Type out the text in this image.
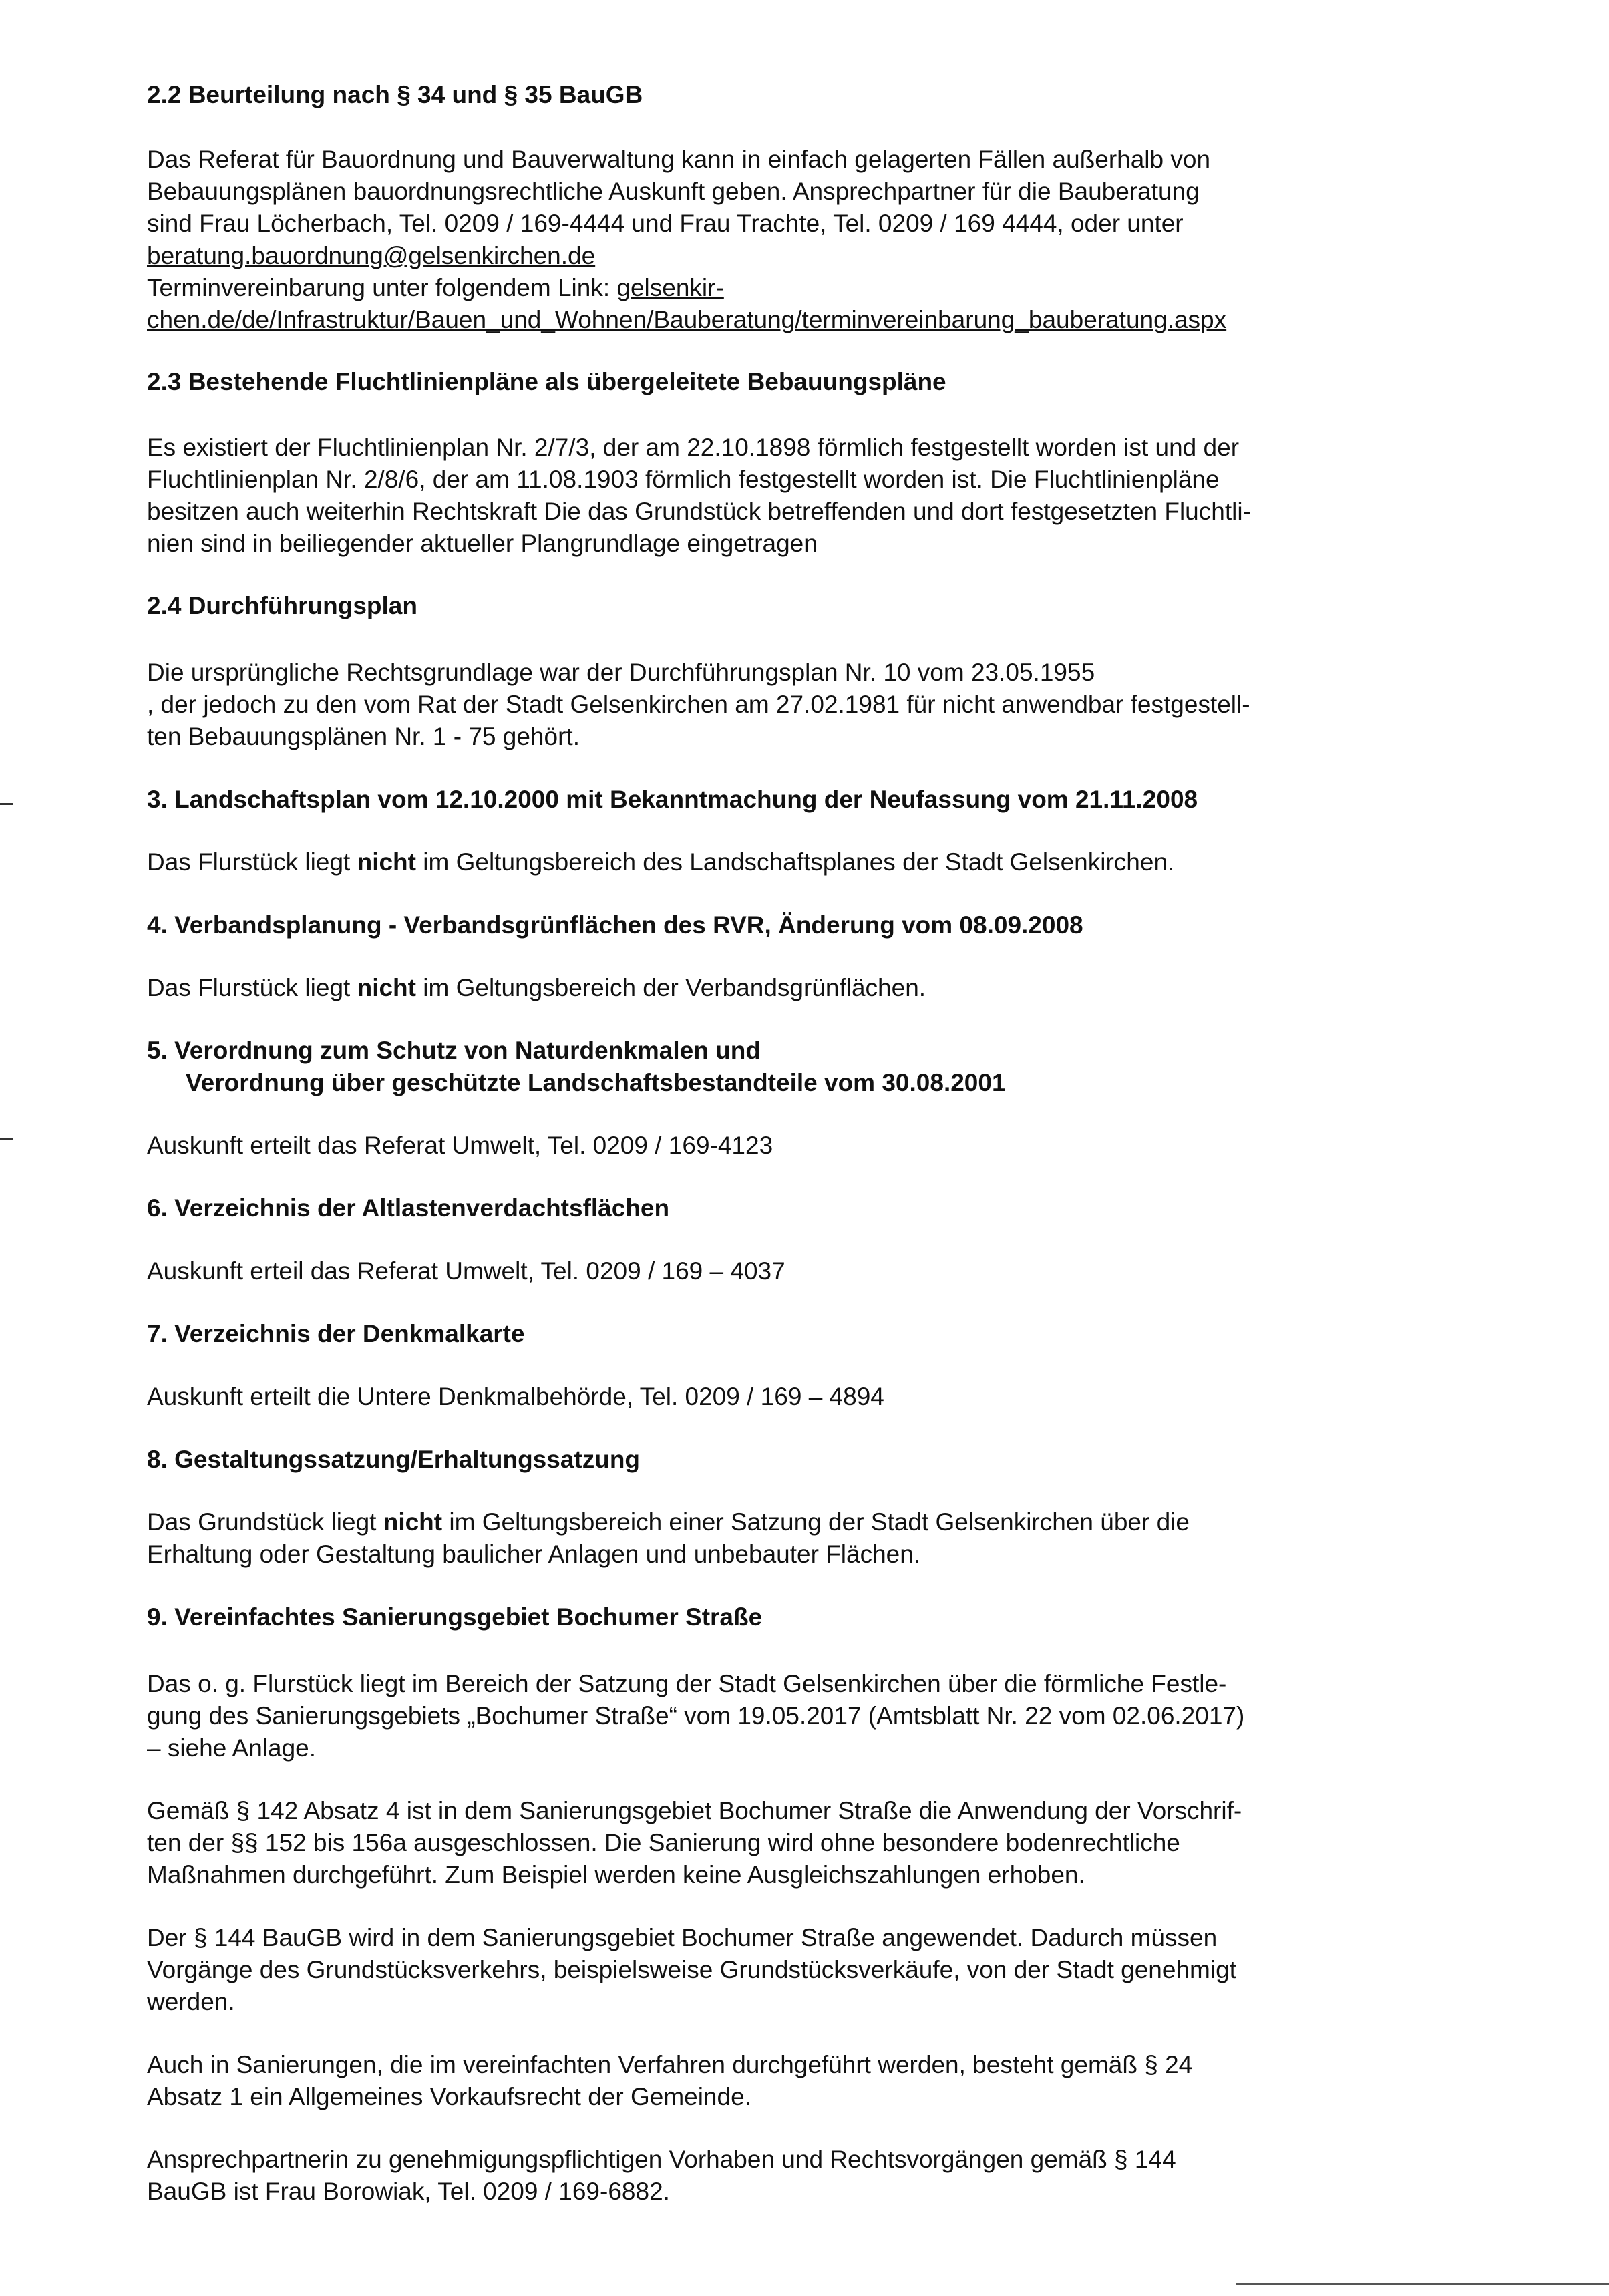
2.2 Beurteilung nach § 34 und § 35 BauGB

Das Referat für Bauordnung und Bauverwaltung kann in einfach gelagerten Fällen außerhalb von

Bebauungsplänen bauordnungsrechtliche Auskunft geben. Ansprechpartner für die Bauberatung

sind Frau Löcherbach, Tel. 0209 / 169-4444 und Frau Trachte, Tel. 0209 / 169 4444, oder unter

beratung.bauordnung@gelsenkirchen.de

Terminvereinbarung unter folgendem Link: gelsenkir-

chen.de/de/Infrastruktur/Bauen_und_Wohnen/Bauberatung/terminvereinbarung_bauberatung.aspx

2.3 Bestehende Fluchtlinienpläne als übergeleitete Bebauungspläne

Es existiert der Fluchtlinienplan Nr. 2/7/3, der am 22.10.1898 förmlich festgestellt worden ist und der

Fluchtlinienplan Nr. 2/8/6, der am 11.08.1903 förmlich festgestellt worden ist. Die Fluchtlinienpläne

besitzen auch weiterhin Rechtskraft Die das Grundstück betreffenden und dort festgesetzten Fluchtli-

nien sind in beiliegender aktueller Plangrundlage eingetragen

2.4 Durchführungsplan

Die ursprüngliche Rechtsgrundlage war der Durchführungsplan Nr. 10 vom 23.05.1955

, der jedoch zu den vom Rat der Stadt Gelsenkirchen am 27.02.1981 für nicht anwendbar festgestell-

ten Bebauungsplänen Nr. 1 - 75 gehört.

3. Landschaftsplan vom 12.10.2000 mit Bekanntmachung der Neufassung vom 21.11.2008

Das Flurstück liegt nicht im Geltungsbereich des Landschaftsplanes der Stadt Gelsenkirchen.

4. Verbandsplanung - Verbandsgrünflächen des RVR, Änderung vom 08.09.2008

Das Flurstück liegt nicht im Geltungsbereich der Verbandsgrünflächen.

5. Verordnung zum Schutz von Naturdenkmalen und

Verordnung über geschützte Landschaftsbestandteile vom 30.08.2001

Auskunft erteilt das Referat Umwelt, Tel. 0209 / 169-4123

6. Verzeichnis der Altlastenverdachtsflächen

Auskunft erteil das Referat Umwelt, Tel. 0209 / 169 – 4037

7. Verzeichnis der Denkmalkarte

Auskunft erteilt die Untere Denkmalbehörde, Tel. 0209 / 169 – 4894

8. Gestaltungssatzung/Erhaltungssatzung

Das Grundstück liegt nicht im Geltungsbereich einer Satzung der Stadt Gelsenkirchen über die

Erhaltung oder Gestaltung baulicher Anlagen und unbebauter Flächen.

9. Vereinfachtes Sanierungsgebiet Bochumer Straße

Das o. g. Flurstück liegt im Bereich der Satzung der Stadt Gelsenkirchen über die förmliche Festle-

gung des Sanierungsgebiets „Bochumer Straße“ vom 19.05.2017 (Amtsblatt Nr. 22 vom 02.06.2017)

– siehe Anlage.

Gemäß § 142 Absatz 4 ist in dem Sanierungsgebiet Bochumer Straße die Anwendung der Vorschrif-

ten der §§ 152 bis 156a ausgeschlossen. Die Sanierung wird ohne besondere bodenrechtliche

Maßnahmen durchgeführt. Zum Beispiel werden keine Ausgleichszahlungen erhoben.

Der § 144 BauGB wird in dem Sanierungsgebiet Bochumer Straße angewendet. Dadurch müssen

Vorgänge des Grundstücksverkehrs, beispielsweise Grundstücksverkäufe, von der Stadt genehmigt

werden.

Auch in Sanierungen, die im vereinfachten Verfahren durchgeführt werden, besteht gemäß § 24

Absatz 1 ein Allgemeines Vorkaufsrecht der Gemeinde.

Ansprechpartnerin zu genehmigungspflichtigen Vorhaben und Rechtsvorgängen gemäß § 144

BauGB ist Frau Borowiak, Tel. 0209 / 169-6882.
